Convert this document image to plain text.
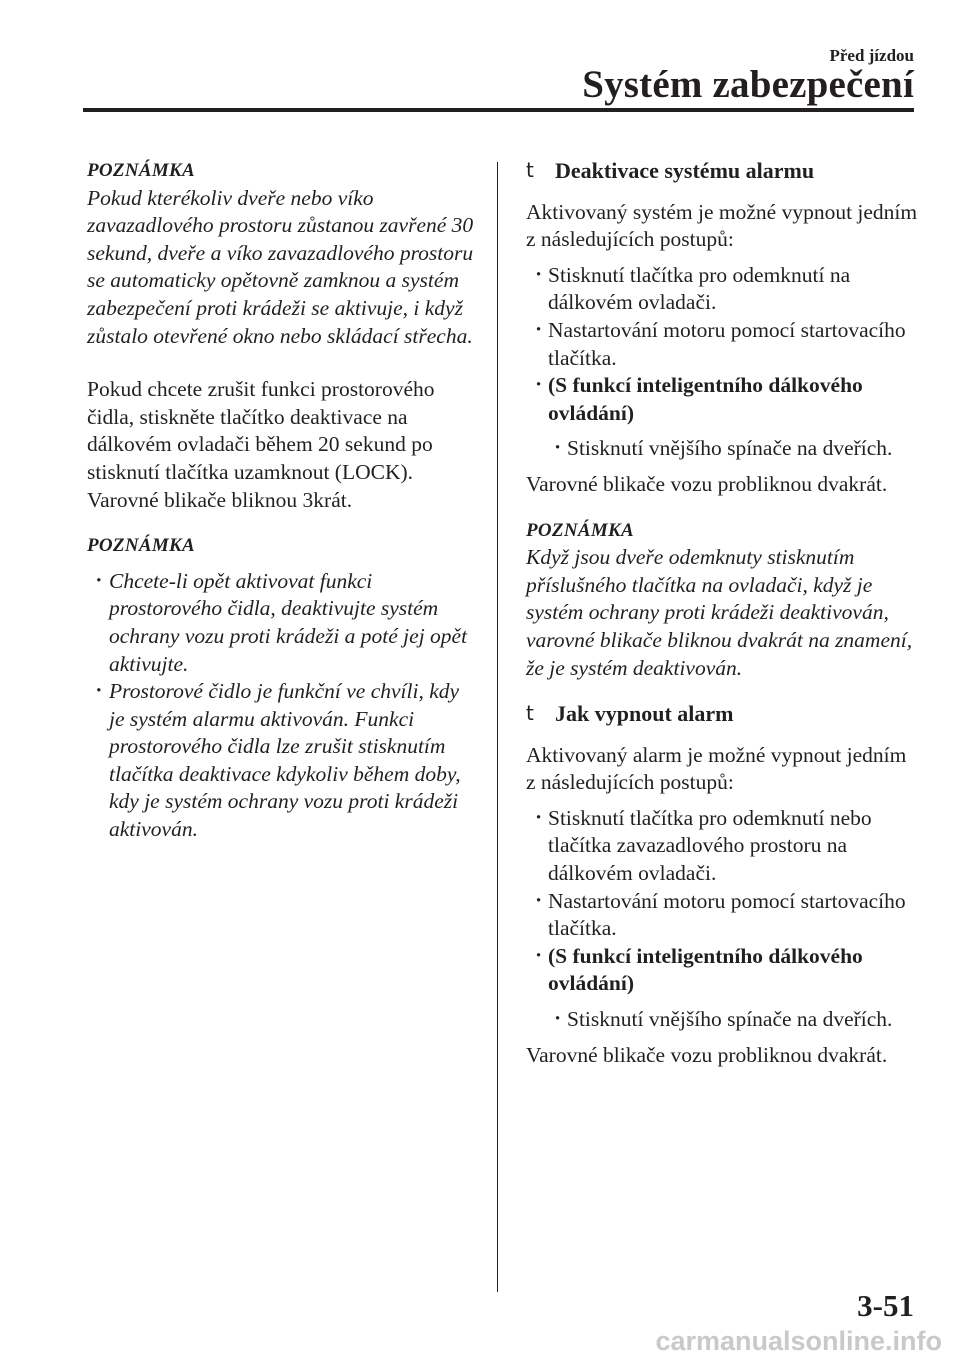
Před jízdou
Systém zabezpečení
POZNÁMKA
Pokud kterékoliv dveře nebo víko zavazadlového prostoru zůstanou zavřené 30 sekund, dveře a víko zavazadlového prostoru se automaticky opětovně zamknou a systém zabezpečení proti krádeži se aktivuje, i když zůstalo otevřené okno nebo skládací střecha.
Pokud chcete zrušit funkci prostorového čidla, stiskněte tlačítko deaktivace na dálkovém ovladači během 20 sekund po stisknutí tlačítka uzamknout (LOCK). Varovné blikače bliknou 3krát.
POZNÁMKA
· Chcete-li opět aktivovat funkci prostorového čidla, deaktivujte systém ochrany vozu proti krádeži a poté jej opět aktivujte.
· Prostorové čidlo je funkční ve chvíli, kdy je systém alarmu aktivován. Funkci prostorového čidla lze zrušit stisknutím tlačítka deaktivace kdykoliv během doby, kdy je systém ochrany vozu proti krádeži aktivován.
t Deaktivace systému alarmu
Aktivovaný systém je možné vypnout jedním z následujících postupů:
· Stisknutí tlačítka pro odemknutí na dálkovém ovladači.
· Nastartování motoru pomocí startovacího tlačítka.
· (S funkcí inteligentního dálkového ovládání)
· Stisknutí vnějšího spínače na dveřích.
Varovné blikače vozu probliknou dvakrát.
POZNÁMKA
Když jsou dveře odemknuty stisknutím příslušného tlačítka na ovladači, když je systém ochrany proti krádeži deaktivován, varovné blikače bliknou dvakrát na znamení, že je systém deaktivován.
t Jak vypnout alarm
Aktivovaný alarm je možné vypnout jedním z následujících postupů:
· Stisknutí tlačítka pro odemknutí nebo tlačítka zavazadlového prostoru na dálkovém ovladači.
· Nastartování motoru pomocí startovacího tlačítka.
· (S funkcí inteligentního dálkového ovládání)
· Stisknutí vnějšího spínače na dveřích.
Varovné blikače vozu probliknou dvakrát.
3-51
carmanualsonline.info
